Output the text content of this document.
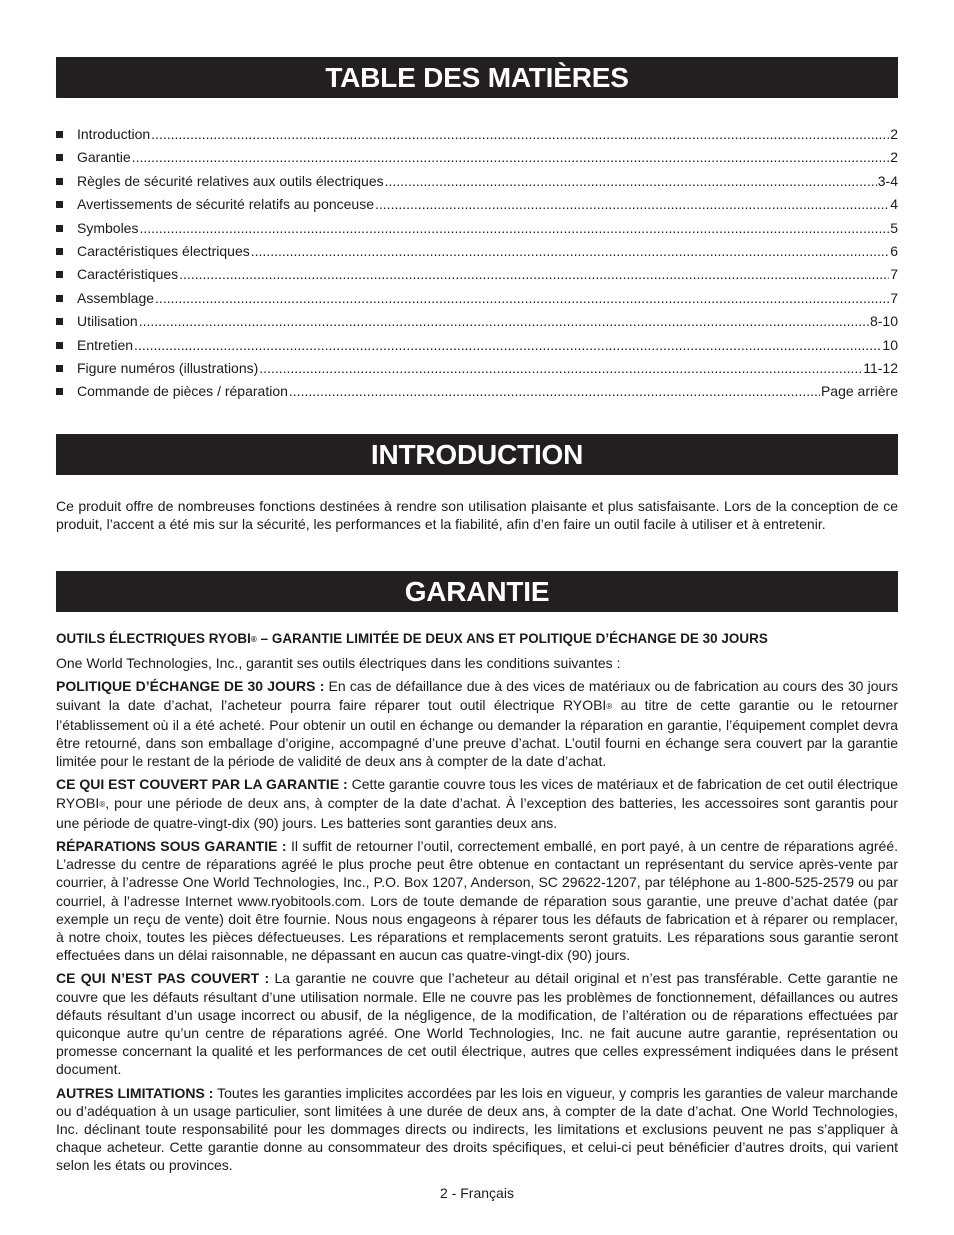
TABLE DES MATIÈRES
Introduction .....	2
Garantie .....	2
Règles de sécurité relatives aux outils électriques .....	3-4
Avertissements de sécurité relatifs au ponceuse .....	4
Symboles .....	5
Caractéristiques électriques .....	6
Caractéristiques .....	7
Assemblage .....	7
Utilisation .....	8-10
Entretien .....	10
Figure numéros (illustrations) .....	11-12
Commande de pièces / réparation .....	Page arrière
INTRODUCTION

Ce produit offre de nombreuses fonctions destinées à rendre son utilisation plaisante et plus satisfaisante. Lors de la conception de ce produit, l’accent a été mis sur la sécurité, les performances et la fiabilité, afin d’en faire un outil facile à utiliser et à entretenir.

GARANTIE

OUTILS ÉLECTRIQUES RYOBI® – GARANTIE LIMITÉE DE DEUX ANS ET POLITIQUE D’ÉCHANGE DE 30 JOURS

One World Technologies, Inc., garantit ses outils électriques dans les conditions suivantes :

POLITIQUE D’ÉCHANGE DE 30 JOURS : En cas de défaillance due à des vices de matériaux ou de fabrication au cours des 30 jours suivant la date d’achat, l’acheteur pourra faire réparer tout outil électrique RYOBI® au titre de cette garantie ou le retourner l’établissement où il a été acheté. Pour obtenir un outil en échange ou demander la réparation en garantie, l’équipement complet devra être retourné, dans son emballage d’origine, accompagné d’une preuve d’achat. L’outil fourni en échange sera couvert par la garantie limitée pour le restant de la période de validité de deux ans à compter de la date d’achat.

CE QUI EST COUVERT PAR LA GARANTIE : Cette garantie couvre tous les vices de matériaux et de fabrication de cet outil électrique RYOBI®, pour une période de deux ans, à compter de la date d’achat. À l’exception des batteries, les accessoires sont garantis pour une période de quatre-vingt-dix (90) jours. Les batteries sont garanties deux ans.

RÉPARATIONS SOUS GARANTIE : Il suffit de retourner l’outil, correctement emballé, en port payé, à un centre de réparations agréé. L’adresse du centre de réparations agréé le plus proche peut être obtenue en contactant un représentant du service après-vente par courrier, à l’adresse One World Technologies, Inc., P.O. Box 1207, Anderson, SC 29622-1207, par téléphone au 1-800-525-2579 ou par courriel, à l’adresse Internet www.ryobitools.com. Lors de toute demande de réparation sous garantie, une preuve d’achat datée (par exemple un reçu de vente) doit être fournie. Nous nous engageons à réparer tous les défauts de fabrication et à réparer ou remplacer, à notre choix, toutes les pièces défectueuses. Les réparations et remplacements seront gratuits. Les réparations sous garantie seront effectuées dans un délai raisonnable, ne dépassant en aucun cas quatre-vingt-dix (90) jours.

CE QUI N’EST PAS COUVERT : La garantie ne couvre que l’acheteur au détail original et n’est pas transférable. Cette garantie ne couvre que les défauts résultant d’une utilisation normale. Elle ne couvre pas les problèmes de fonctionnement, défaillances ou autres défauts résultant d’un usage incorrect ou abusif, de la négligence, de la modification, de l’altération ou de réparations effectuées par quiconque autre qu’un centre de réparations agréé. One World Technologies, Inc. ne fait aucune autre garantie, représentation ou promesse concernant la qualité et les performances de cet outil électrique, autres que celles expressément indiquées dans le présent document.

AUTRES LIMITATIONS : Toutes les garanties implicites accordées par les lois en vigueur, y compris les garanties de valeur marchande ou d’adéquation à un usage particulier, sont limitées à une durée de deux ans, à compter de la date d’achat. One World Technologies, Inc. déclinant toute responsabilité pour les dommages directs ou indirects, les limitations et exclusions peuvent ne pas s’appliquer à chaque acheteur. Cette garantie donne au consommateur des droits spécifiques, et celui-ci peut bénéficier d’autres droits, qui varient selon les états ou provinces.

2 - Français
